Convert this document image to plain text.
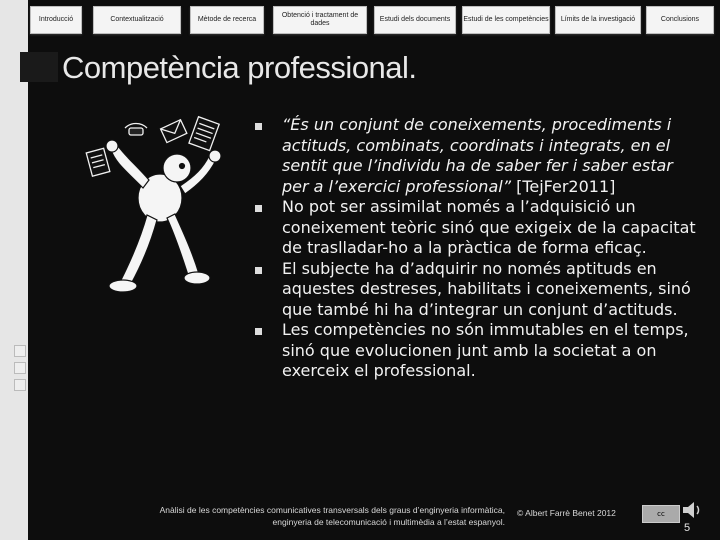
Introducció	Contextualització	Mètode de recerca
Obtenció i tractament de dades
Estudi dels documents Estudi de les competències Límits de la investigació	Conclusions
Competència professional.
“És un conjunt de coneixements, procediments i actituds, combinats, coordinats i integrats, en el sentit que l’individu ha de saber fer i saber estar per a l’exercici professional” [TejFer2011]
No pot ser assimilat només a l’adquisició un coneixement teòric sinó que exigeix de la capacitat de traslladar-ho a la pràctica de forma eficaç.
El subjecte ha d’adquirir no només aptituds en aquestes destreses, habilitats i coneixements, sinó que també hi ha d’integrar un conjunt d’actituds.
Les competències no són immutables en el temps, sinó que evolucionen junt amb la societat a on exerceix el professional.
Anàlisi de les competències comunicatives transversals dels graus d’enginyeria informàtica,
enginyeria de telecomunicació i multimèdia a l’estat espanyol.
© Albert Farrè Benet 2012	cc
5
